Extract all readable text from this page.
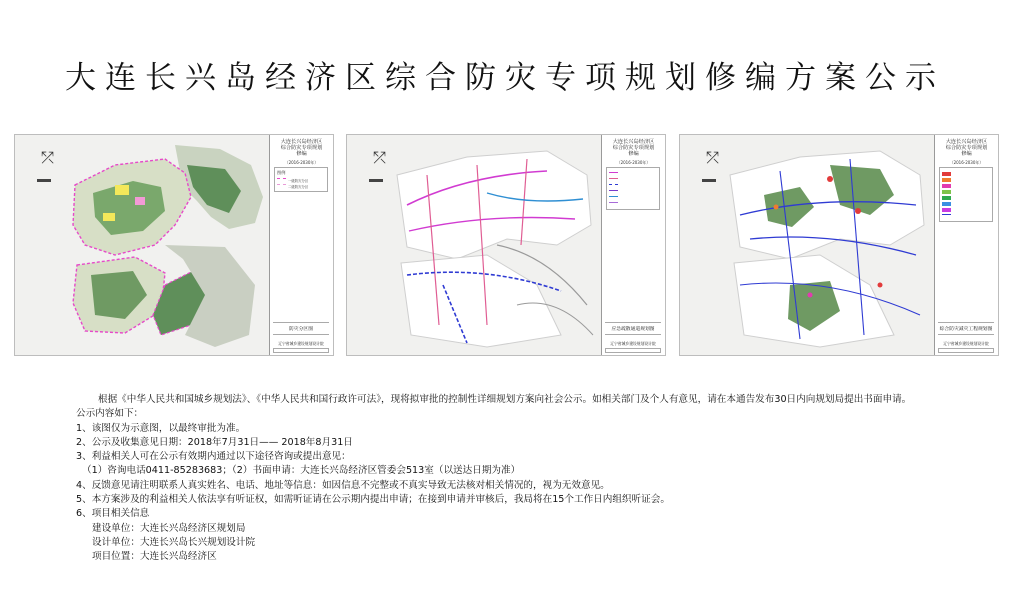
大连长兴岛经济区综合防灾专项规划修编方案公示
⤱
大连长兴岛经济区
综合防灾专项规划
修编
（2016-2030年）
图例
一级防灾分区
二级防灾分区
防灾分区图
辽宁省城乡建设规划设计院
⤱
大连长兴岛经济区
综合防灾专项规划
修编
（2016-2030年）
应急疏散通道规划图
辽宁省城乡建设规划设计院
⤱
大连长兴岛经济区
综合防灾专项规划
修编
（2016-2030年）
综合防灾减灾工程规划图
辽宁省城乡建设规划设计院

根据《中华人民共和国城乡规划法》、《中华人民共和国行政许可法》，现将拟审批的控制性详细规划方案向社会公示。如相关部门及个人有意见，请在本通告发布30日内向规划局提出书面申请。

公示内容如下：

1、该图仅为示意图，以最终审批为准。

2、公示及收集意见日期：2018年7月31日—— 2018年8月31日

3、利益相关人可在公示有效期内通过以下途径咨询或提出意见：

（1）咨询电话0411-85283683；（2）书面申请：大连长兴岛经济区管委会513室（以送达日期为准）

4、反馈意见请注明联系人真实姓名、电话、地址等信息：如因信息不完整或不真实导致无法核对相关情况的，视为无效意见。

5、本方案涉及的利益相关人依法享有听证权，如需听证请在公示期内提出申请；在接到申请并审核后，我局将在15个工作日内组织听证会。

6、项目相关信息

建设单位：大连长兴岛经济区规划局

设计单位：大连长兴岛长兴规划设计院

项目位置：大连长兴岛经济区
